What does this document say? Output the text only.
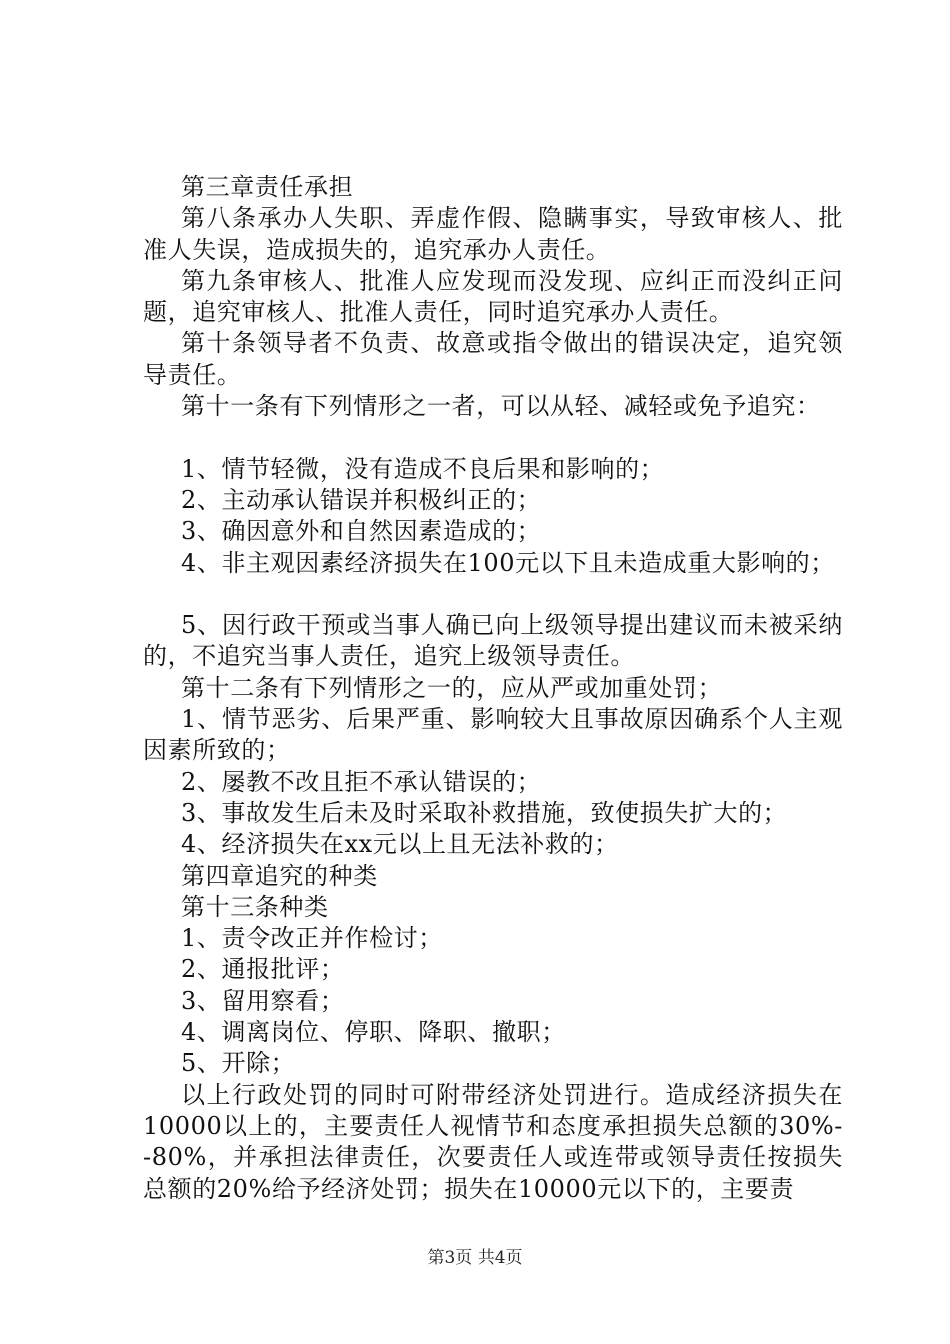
第三章责任承担

第八条承办人失职、弄虚作假、隐瞒事实，导致审核人、批准人失误，造成损失的，追究承办人责任。

第九条审核人、批准人应发现而没发现、应纠正而没纠正问题，追究审核人、批准人责任，同时追究承办人责任。

第十条领导者不负责、故意或指令做出的错误决定，追究领导责任。

第十一条有下列情形之一者，可以从轻、减轻或免予追究：

1、情节轻微，没有造成不良后果和影响的；

2、主动承认错误并积极纠正的；

3、确因意外和自然因素造成的；

4、非主观因素经济损失在100元以下且未造成重大影响的；

5、因行政干预或当事人确已向上级领导提出建议而未被采纳的，不追究当事人责任，追究上级领导责任。

第十二条有下列情形之一的，应从严或加重处罚；

1、情节恶劣、后果严重、影响较大且事故原因确系个人主观因素所致的；

2、屡教不改且拒不承认错误的；

3、事故发生后未及时采取补救措施，致使损失扩大的；

4、经济损失在xx元以上且无法补救的；

第四章追究的种类

第十三条种类

1、责令改正并作检讨；

2、通报批评；

3、留用察看；

4、调离岗位、停职、降职、撤职；

5、开除；

以上行政处罚的同时可附带经济处罚进行。造成经济损失在10000以上的，主要责任人视情节和态度承担损失总额的30%--80%，并承担法律责任，次要责任人或连带或领导责任按损失总额的20%给予经济处罚；损失在10000元以下的，主要责

第3页 共4页
